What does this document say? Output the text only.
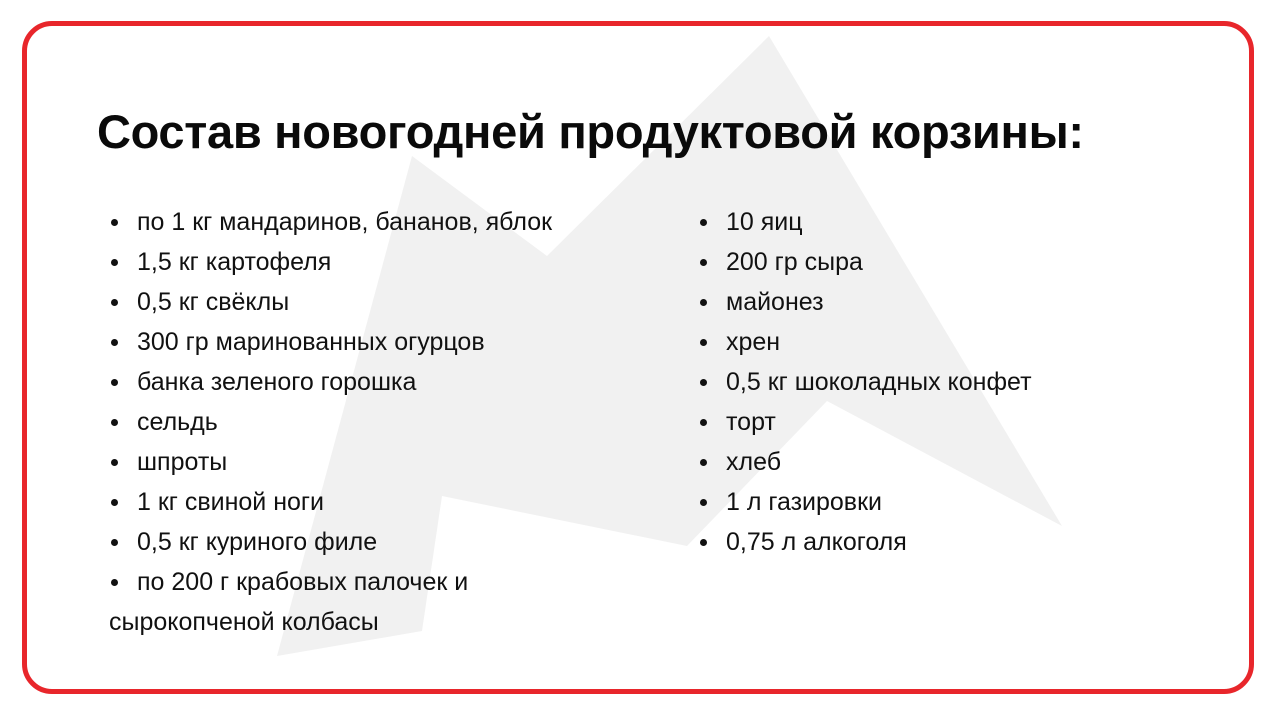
Состав новогодней продуктовой корзины:
по 1 кг мандаринов, бананов, яблок
1,5 кг картофеля
0,5 кг свёклы
300 гр маринованных огурцов
банка зеленого горошка
сельдь
шпроты
1 кг свиной ноги
0,5 кг куриного филе
по 200 г крабовых палочек и
сырокопченой колбасы
10 яиц
200 гр сыра
майонез
хрен
0,5 кг шоколадных конфет
торт
хлеб
1 л газировки
0,75 л алкоголя
